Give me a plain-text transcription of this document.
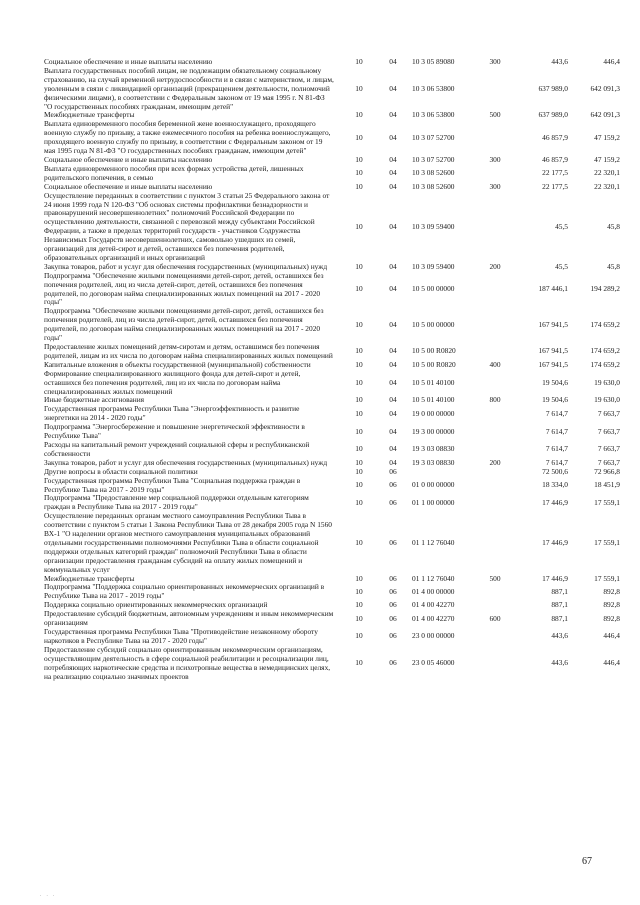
Социальное обеспечение и иные выплаты населению	10	04	10 3 05 89080	300	443,6	446,4
Выплата государственных пособий лицам, не подлежащим обязательному социальному страхованию, на случай временной нетрудоспособности и в связи с материнством, и лицам, уволенным в связи с ликвидацией организаций (прекращением деятельности, полномочий физическими лицами), в соответствии с Федеральным законом от 19 мая 1995 г. N 81-ФЗ "О государственных пособиях гражданам, имеющим детей"	10	04	10 3 06 53800		637 989,0	642 091,3
Межбюджетные трансферты	10	04	10 3 06 53800	500	637 989,0	642 091,3
Выплата единовременного пособия беременной жене военнослужащего, проходящего военную службу по призыву, а также ежемесячного пособия на ребенка военнослужащего, проходящего военную службу по призыву, в соответствии с Федеральным законом от 19 мая 1995 года N 81-ФЗ "О государственных пособиях гражданам, имеющим детей"	10	04	10 3 07 52700		46 857,9	47 159,2
Социальное обеспечение и иные выплаты населению	10	04	10 3 07 52700	300	46 857,9	47 159,2
Выплата единовременного пособия при всех формах устройства детей, лишенных родительского попечения, в семью	10	04	10 3 08 52600		22 177,5	22 320,1
Социальное обеспечение и иные выплаты населению	10	04	10 3 08 52600	300	22 177,5	22 320,1
Осуществление переданных в соответствии с пунктом 3 статьи 25 Федерального закона от 24 июня 1999 года N 120-ФЗ "Об основах системы профилактики безнадзорности и правонарушений несовершеннолетних" полномочий Российской Федерации по осуществлению деятельности, связанной с перевозкой между субъектами Российской Федерации, а также в пределах территорий государств - участников Содружества Независимых Государств несовершеннолетних, самовольно ушедших из семей, организаций для детей-сирот и детей, оставшихся без попечения родителей, образовательных организаций и иных организаций	10	04	10 3 09 59400		45,5	45,8
Закупка товаров, работ и услуг для обеспечения государственных (муниципальных) нужд	10	04	10 3 09 59400	200	45,5	45,8
Подпрограмма "Обеспечение жилыми помещениями детей-сирот, детей, оставшихся без попечения родителей, лиц из числа детей-сирот, детей, оставшихся без попечения родителей, по договорам найма специализированных жилых помещений на 2017 - 2020 годы"	10	04	10 5 00 00000		187 446,1	194 289,2
Подпрограмма "Обеспечение жилыми помещениями детей-сирот, детей, оставшихся без попечения родителей, лиц из числа детей-сирот, детей, оставшихся без попечения родителей, по договорам найма специализированных жилых помещений на 2017 - 2020 годы"	10	04	10 5 00 00000		167 941,5	174 659,2
Предоставление жилых помещений детям-сиротам и детям, оставшимся без попечения родителей, лицам из их числа по договорам найма специализированных жилых помещений	10	04	10 5 00 R0820		167 941,5	174 659,2
Капитальные вложения в объекты государственной (муниципальной) собственности	10	04	10 5 00 R0820	400	167 941,5	174 659,2
Формирование специализированного жилищного фонда для детей-сирот и детей, оставшихся без попечения родителей, лиц из их числа по договорам найма специализированных жилых помещений	10	04	10 5 01 40100		19 504,6	19 630,0
Иные бюджетные ассигнования	10	04	10 5 01 40100	800	19 504,6	19 630,0
Государственная программа Республики Тыва "Энергоэффективность и развитие энергетики на 2014 - 2020 годы"	10	04	19 0 00 00000		7 614,7	7 663,7
Подпрограмма "Энергосбережение и повышение энергетической эффективности в Республике Тыва"	10	04	19 3 00 00000		7 614,7	7 663,7
Расходы на капитальный ремонт учреждений социальной сферы и республиканской собственности	10	04	19 3 03 08830		7 614,7	7 663,7
Закупка товаров, работ и услуг для обеспечения государственных (муниципальных) нужд	10	04	19 3 03 08830	200	7 614,7	7 663,7
Другие вопросы в области социальной политики	10	06			72 500,6	72 966,8
Государственная программа Республики Тыва "Социальная поддержка граждан в Республике Тыва на 2017 - 2019 годы"	10	06	01 0 00 00000		18 334,0	18 451,9
Подпрограмма "Предоставление мер социальной поддержки отдельным категориям граждан в Республике Тыва на 2017 - 2019 годы"	10	06	01 1 00 00000		17 446,9	17 559,1
Осуществление переданных органам местного самоуправления Республики Тыва в соответствии с пунктом 5 статьи 1 Закона Республики Тыва от 28 декабря 2005 года N 1560 ВХ-1 "О наделении органов местного самоуправления муниципальных образований отдельными государственными полномочиями Республики Тыва в области социальной поддержки отдельных категорий граждан" полномочий Республики Тыва в области организации предоставления гражданам субсидий на оплату жилых помещений и коммунальных услуг	10	06	01 1 12 76040		17 446,9	17 559,1
Межбюджетные трансферты	10	06	01 1 12 76040	500	17 446,9	17 559,1
Подпрограмма "Поддержка социально ориентированных некоммерческих организаций в Республике Тыва на 2017 - 2019 годы"	10	06	01 4 00 00000		887,1	892,8
Поддержка социально ориентированных некоммерческих организаций	10	06	01 4 00 42270		887,1	892,8
Предоставление субсидий бюджетным, автономным учреждениям и иным некоммерческим организациям	10	06	01 4 00 42270	600	887,1	892,8
Государственная программа Республики Тыва "Противодействие незаконному обороту наркотиков в Республике Тыва на 2017 - 2020 годы"	10	06	23 0 00 00000		443,6	446,4
Предоставление субсидий социально ориентированным некоммерческим организациям, осуществляющим деятельность в сфере социальной реабилитации и ресоциализации лиц, потребляющих наркотические средства и психотропные вещества в немедицинских целях, на реализацию социально значимых проектов	10	06	23 0 05 46000		443,6	446,4
67
. . .
